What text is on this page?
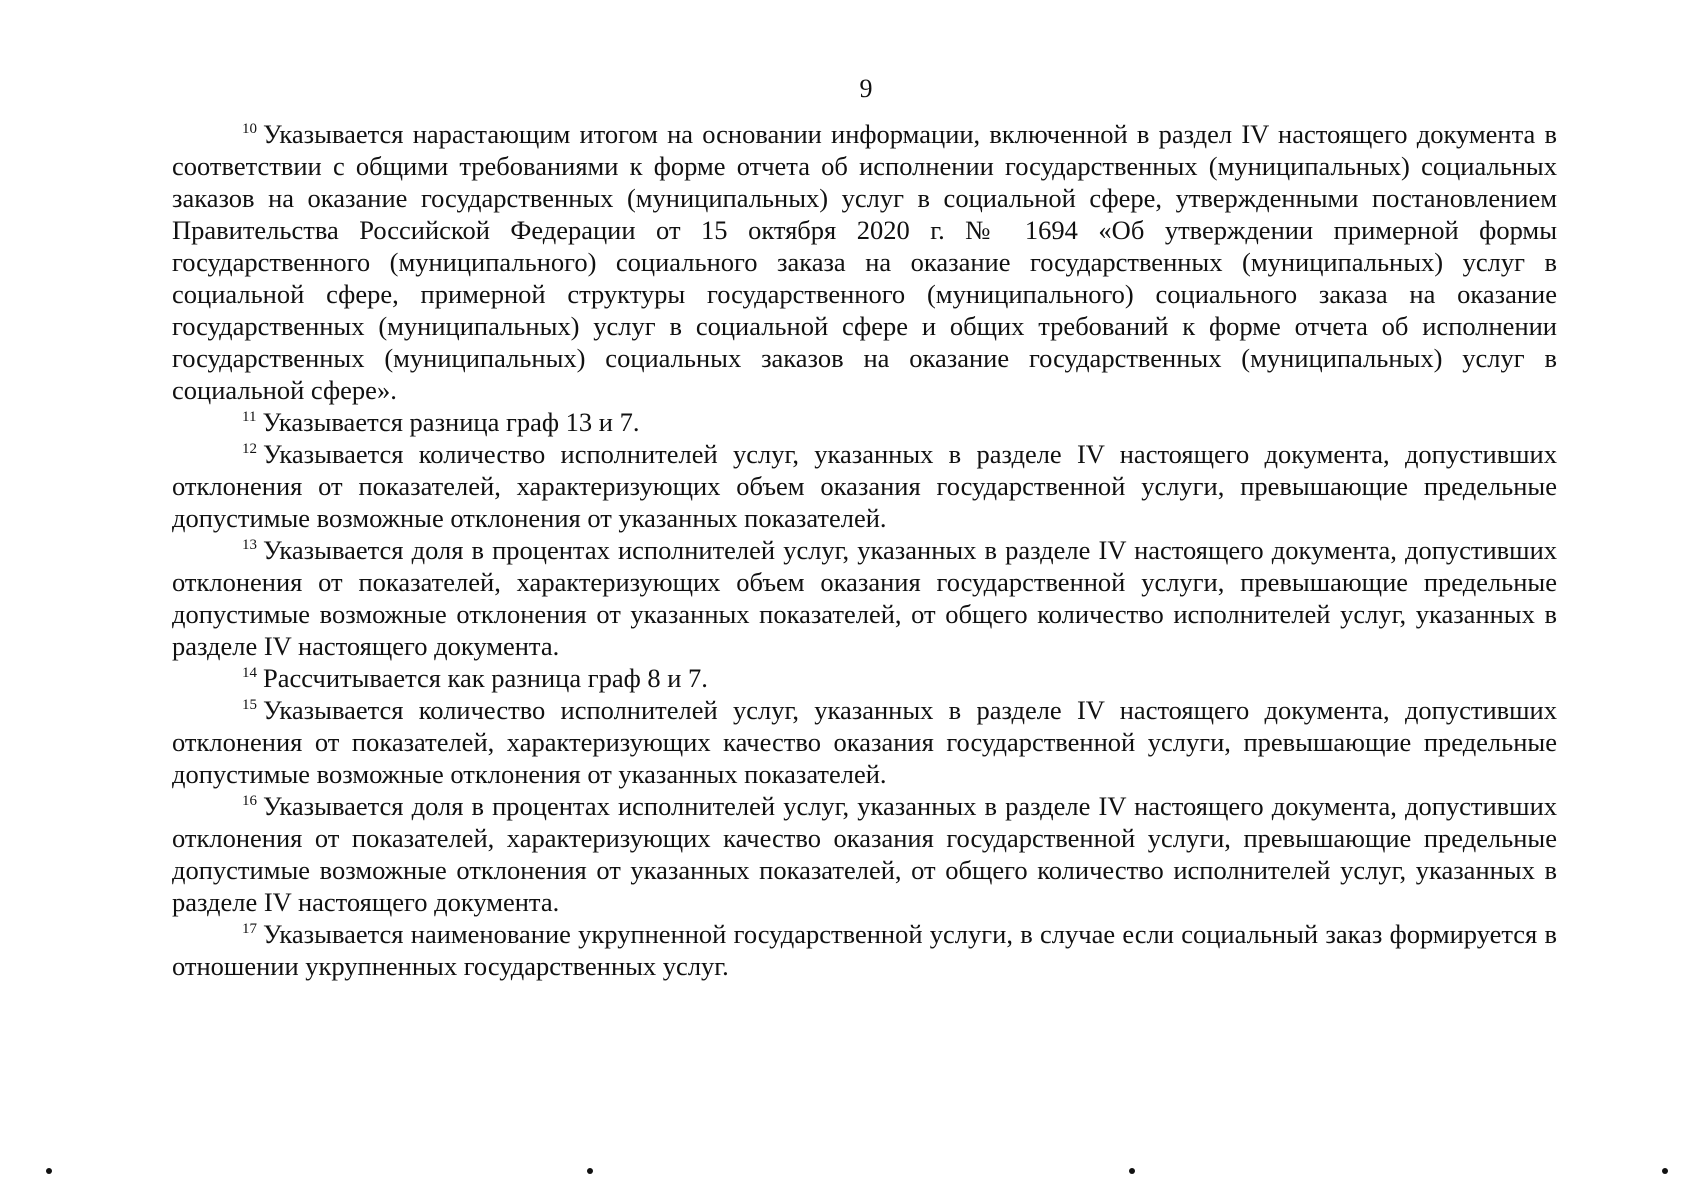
9

$^{10}$ Указывается нарастающим итогом на основании информации, включенной в раздел IV настоящего документа в соответствии с общими требованиями к форме отчета об исполнении государственных (муниципальных) социальных заказов на оказание государственных (муниципальных) услуг в социальной сфере, утвержденными постановлением Правительства Российской Федерации от 15 октября 2020 г. № 1694 «Об утверждении примерной формы государственного (муниципального) социального заказа на оказание государственных (муниципальных) услуг в социальной сфере, примерной структуры государственного (муниципального) социального заказа на оказание государственных (муниципальных) услуг в социальной сфере и общих требований к форме отчета об исполнении государственных (муниципальных) социальных заказов на оказание государственных (муниципальных) услуг в социальной сфере».

$^{11}$ Указывается разница граф 13 и 7.

$^{12}$ Указывается количество исполнителей услуг, указанных в разделе IV настоящего документа, допустивших отклонения от показателей, характеризующих объем оказания государственной услуги, превышающие предельные допустимые возможные отклонения от указанных показателей.

$^{13}$ Указывается доля в процентах исполнителей услуг, указанных в разделе IV настоящего документа, допустивших отклонения от показателей, характеризующих объем оказания государственной услуги, превышающие предельные допустимые возможные отклонения от указанных показателей, от общего количество исполнителей услуг, указанных в разделе IV настоящего документа.

$^{14}$ Рассчитывается как разница граф 8 и 7.

$^{15}$ Указывается количество исполнителей услуг, указанных в разделе IV настоящего документа, допустивших отклонения от показателей, характеризующих качество оказания государственной услуги, превышающие предельные допустимые возможные отклонения от указанных показателей.

$^{16}$ Указывается доля в процентах исполнителей услуг, указанных в разделе IV настоящего документа, допустивших отклонения от показателей, характеризующих качество оказания государственной услуги, превышающие предельные допустимые возможные отклонения от указанных показателей, от общего количество исполнителей услуг, указанных в разделе IV настоящего документа.

$^{17}$ Указывается наименование укрупненной государственной услуги, в случае если социальный заказ формируется в отношении укрупненных государственных услуг.
